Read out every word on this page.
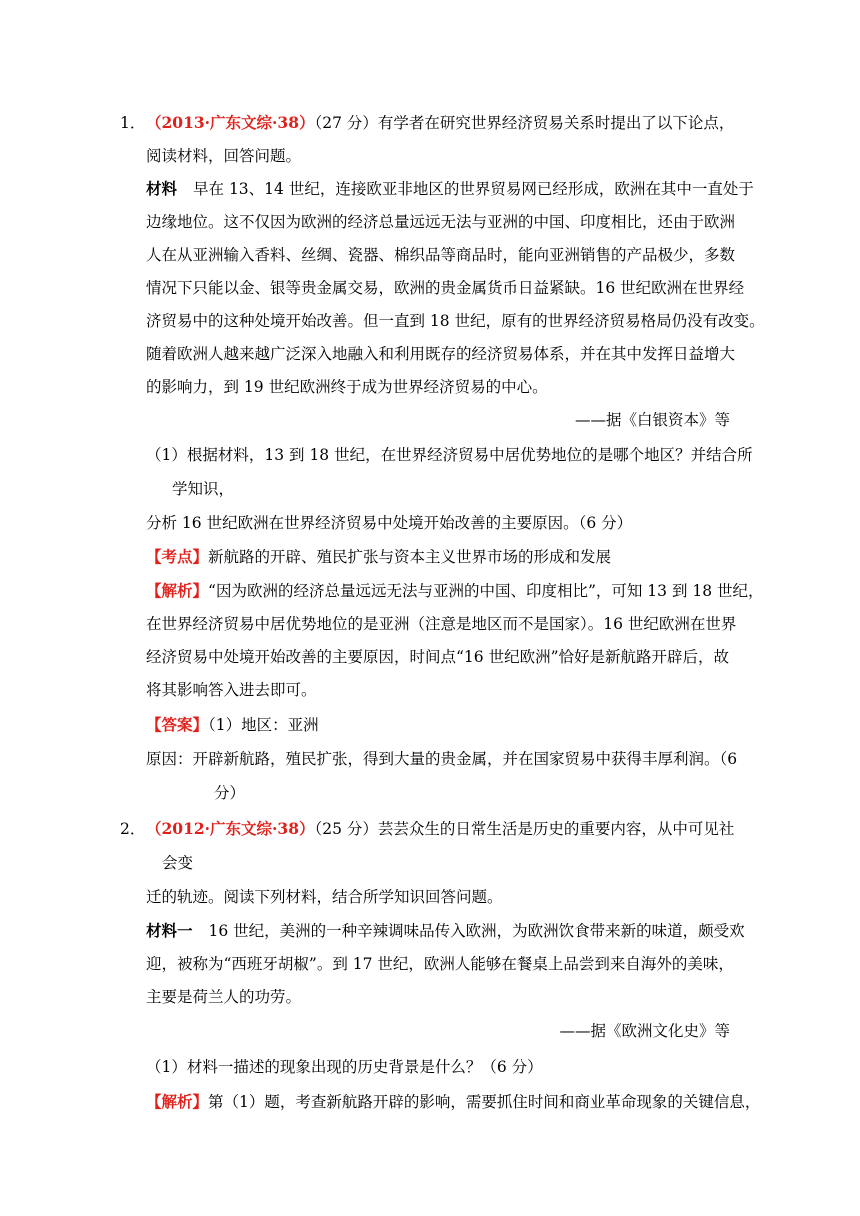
1． （2013·广东文综·38）（27 分）有学者在研究世界经济贸易关系时提出了以下论点，
阅读材料，回答问题。
材料 早在 13、14 世纪，连接欧亚非地区的世界贸易网已经形成，欧洲在其中一直处于
边缘地位。这不仅因为欧洲的经济总量远远无法与亚洲的中国、印度相比，还由于欧洲
人在从亚洲输入香料、丝绸、瓷器、棉织品等商品时，能向亚洲销售的产品极少，多数
情况下只能以金、银等贵金属交易，欧洲的贵金属货币日益紧缺。16 世纪欧洲在世界经
济贸易中的这种处境开始改善。但一直到 18 世纪，原有的世界经济贸易格局仍没有改变。
随着欧洲人越来越广泛深入地融入和利用既存的经济贸易体系，并在其中发挥日益增大
的影响力，到 19 世纪欧洲终于成为世界经济贸易的中心。
——据《白银资本》等
（1）根据材料，13 到 18 世纪，在世界经济贸易中居优势地位的是哪个地区？并结合所
学知识，
分析 16 世纪欧洲在世界经济贸易中处境开始改善的主要原因。（6 分）
【考点】新航路的开辟、殖民扩张与资本主义世界市场的形成和发展
【解析】“因为欧洲的经济总量远远无法与亚洲的中国、印度相比”，可知 13 到 18 世纪，
在世界经济贸易中居优势地位的是亚洲（注意是地区而不是国家）。16 世纪欧洲在世界
经济贸易中处境开始改善的主要原因，时间点“16 世纪欧洲”恰好是新航路开辟后，故
将其影响答入进去即可。
【答案】（1）地区：亚洲
原因：开辟新航路，殖民扩张，得到大量的贵金属，并在国家贸易中获得丰厚利润。（6
分）
2． （2012·广东文综·38）（25 分）芸芸众生的日常生活是历史的重要内容，从中可见社
会变
迁的轨迹。阅读下列材料，结合所学知识回答问题。
材料一 16 世纪，美洲的一种辛辣调味品传入欧洲，为欧洲饮食带来新的味道，颇受欢
迎，被称为“西班牙胡椒”。到 17 世纪，欧洲人能够在餐桌上品尝到来自海外的美味，
主要是荷兰人的功劳。
——据《欧洲文化史》等
（1）材料一描述的现象出现的历史背景是什么？（6 分）
【解析】第（1）题，考查新航路开辟的影响，需要抓住时间和商业革命现象的关键信息，
